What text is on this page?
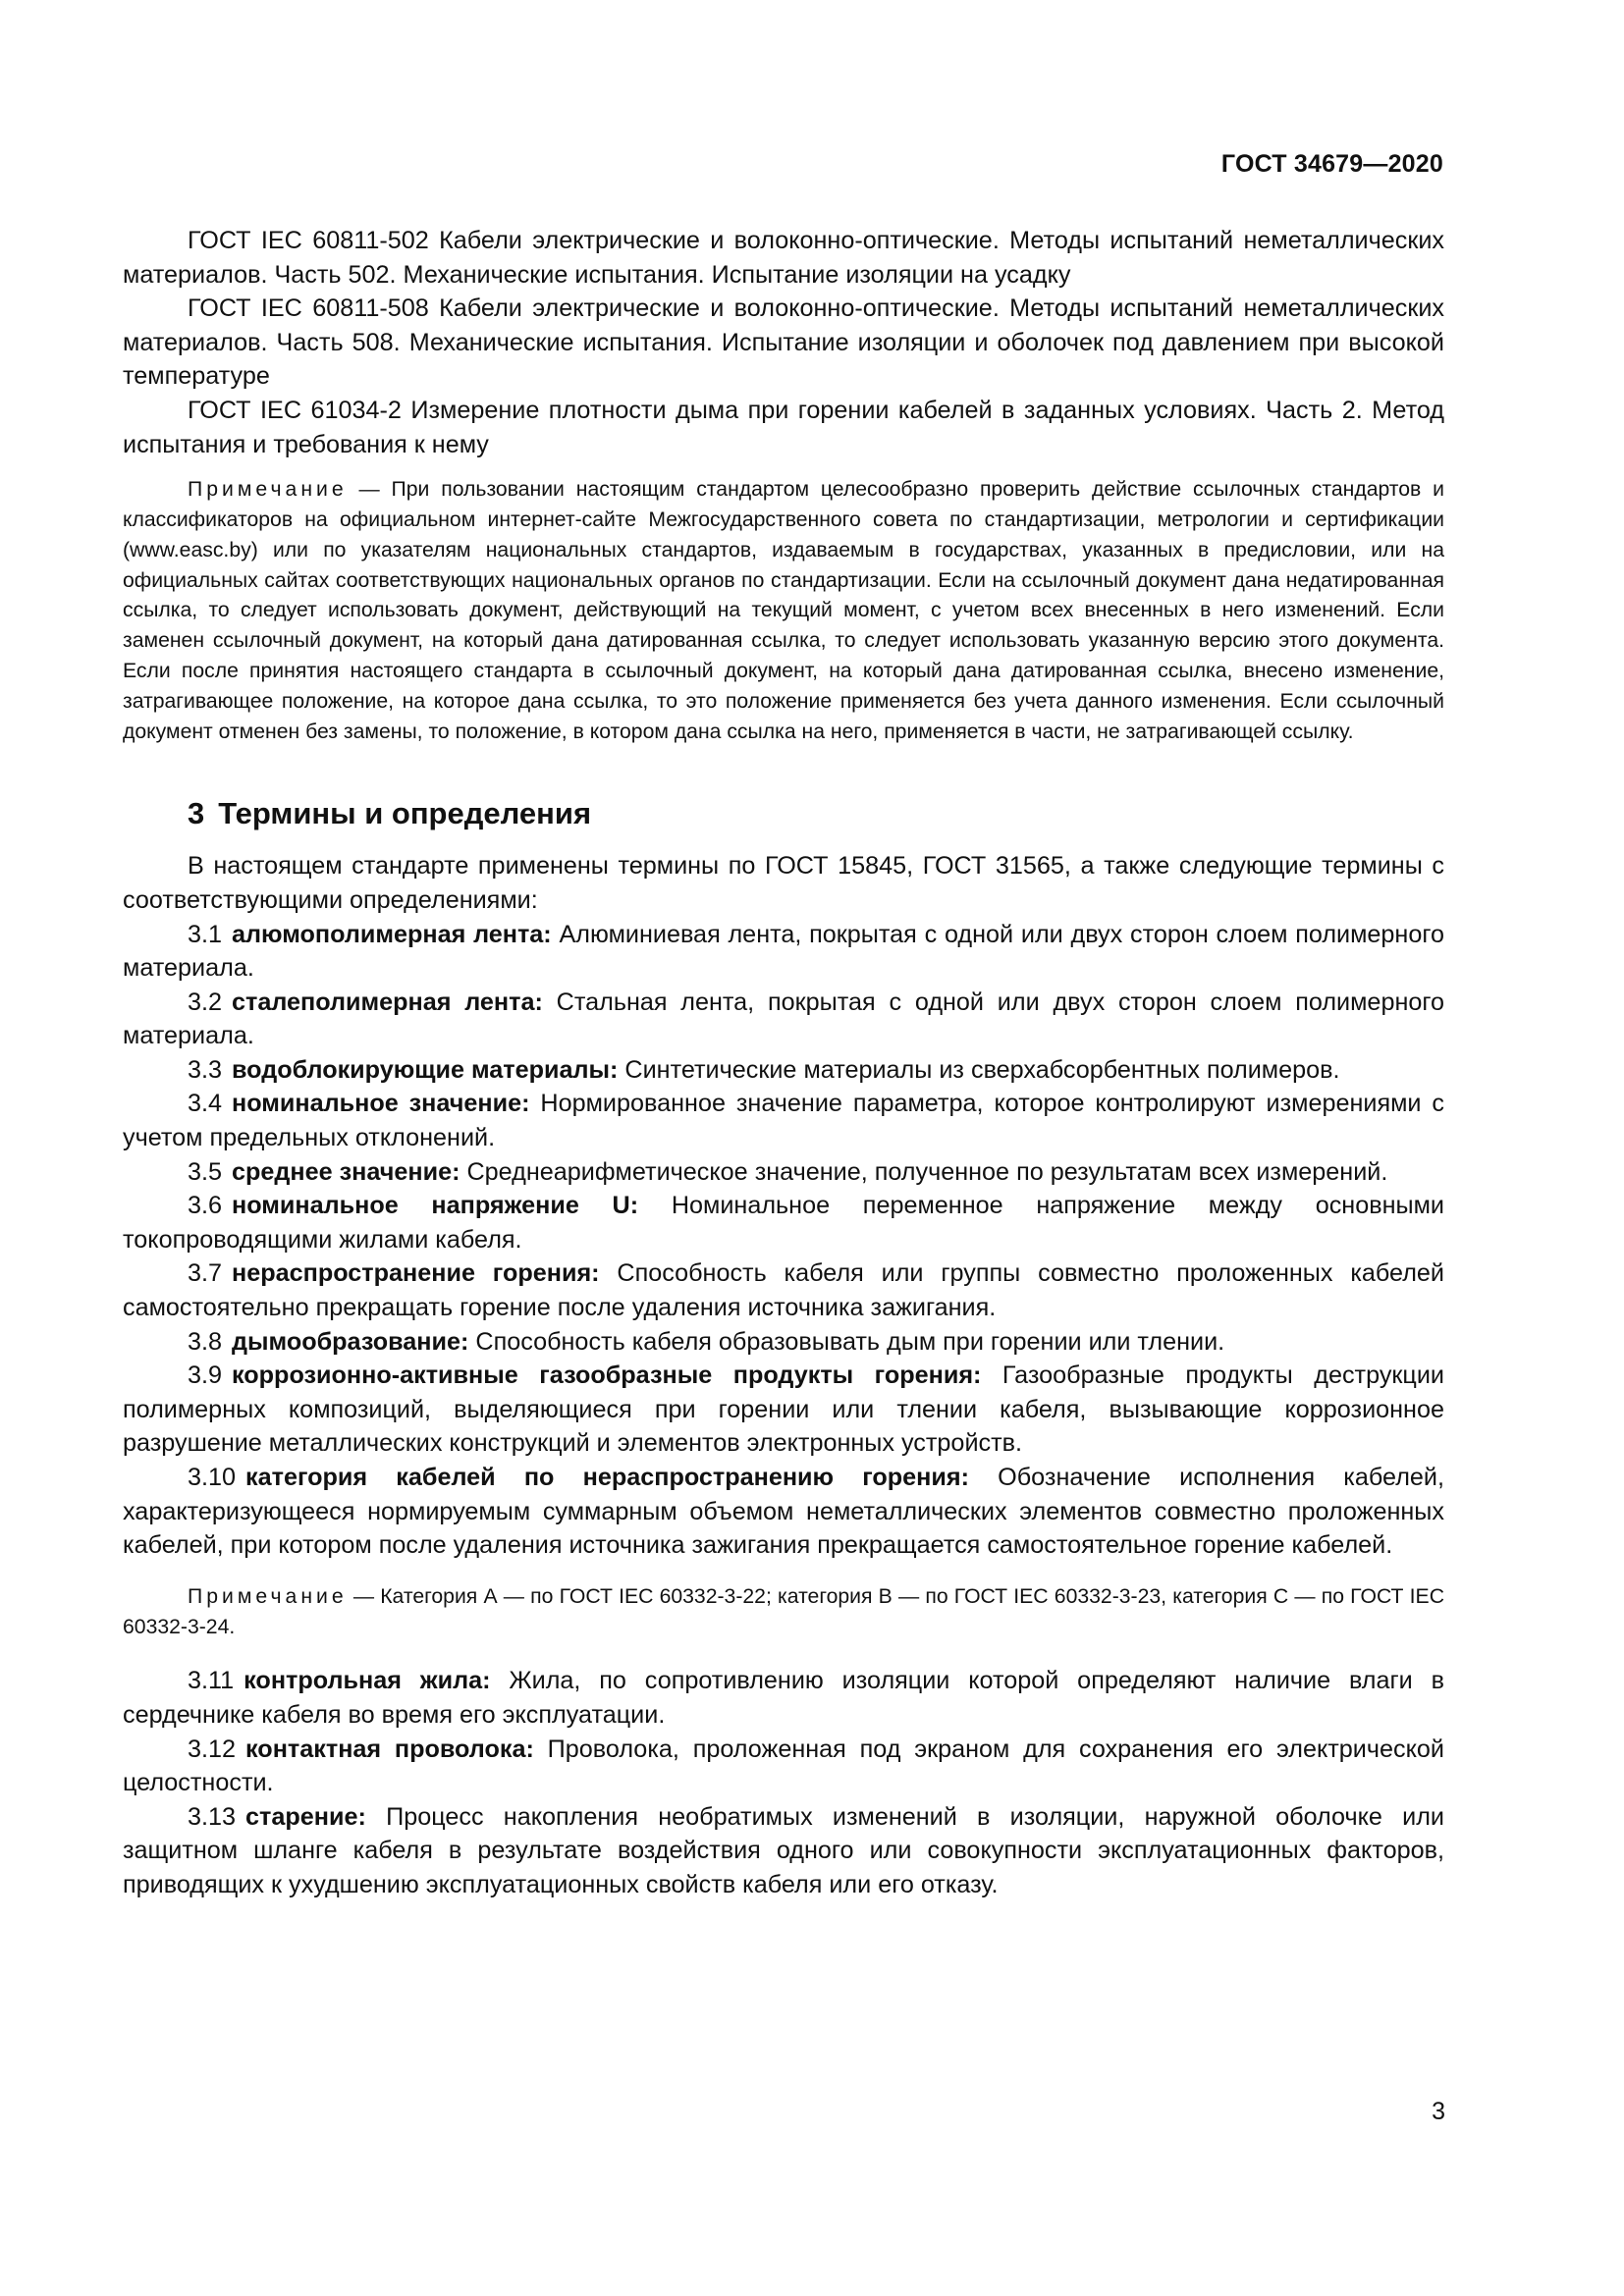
ГОСТ 34679—2020

ГОСТ IEC 60811-502 Кабели электрические и волоконно-оптические. Методы испытаний неметаллических материалов. Часть 502. Механические испытания. Испытание изоляции на усадку

ГОСТ IEC 60811-508 Кабели электрические и волоконно-оптические. Методы испытаний неметаллических материалов. Часть 508. Механические испытания. Испытание изоляции и оболочек под давлением при высокой температуре

ГОСТ IEC 61034-2 Измерение плотности дыма при горении кабелей в заданных условиях. Часть 2. Метод испытания и требования к нему

Примечание — При пользовании настоящим стандартом целесообразно проверить действие ссылочных стандартов и классификаторов на официальном интернет-сайте Межгосударственного совета по стандартизации, метрологии и сертификации (www.easc.by) или по указателям национальных стандартов, издаваемым в государствах, указанных в предисловии, или на официальных сайтах соответствующих национальных органов по стандартизации. Если на ссылочный документ дана недатированная ссылка, то следует использовать документ, действующий на текущий момент, с учетом всех внесенных в него изменений. Если заменен ссылочный документ, на который дана датированная ссылка, то следует использовать указанную версию этого документа. Если после принятия настоящего стандарта в ссылочный документ, на который дана датированная ссылка, внесено изменение, затрагивающее положение, на которое дана ссылка, то это положение применяется без учета данного изменения. Если ссылочный документ отменен без замены, то положение, в котором дана ссылка на него, применяется в части, не затрагивающей ссылку.

3 Термины и определения

В настоящем стандарте применены термины по ГОСТ 15845, ГОСТ 31565, а также следующие термины с соответствующими определениями:

3.1 алюмополимерная лента: Алюминиевая лента, покрытая с одной или двух сторон слоем полимерного материала.

3.2 сталеполимерная лента: Стальная лента, покрытая с одной или двух сторон слоем полимерного материала.

3.3 водоблокирующие материалы: Синтетические материалы из сверхабсорбентных полимеров.

3.4 номинальное значение: Нормированное значение параметра, которое контролируют измерениями с учетом предельных отклонений.

3.5 среднее значение: Среднеарифметическое значение, полученное по результатам всех измерений.

3.6 номинальное напряжение U: Номинальное переменное напряжение между основными токопроводящими жилами кабеля.

3.7 нераспространение горения: Способность кабеля или группы совместно проложенных кабелей самостоятельно прекращать горение после удаления источника зажигания.

3.8 дымообразование: Способность кабеля образовывать дым при горении или тлении.

3.9 коррозионно-активные газообразные продукты горения: Газообразные продукты деструкции полимерных композиций, выделяющиеся при горении или тлении кабеля, вызывающие коррозионное разрушение металлических конструкций и элементов электронных устройств.

3.10 категория кабелей по нераспространению горения: Обозначение исполнения кабелей, характеризующееся нормируемым суммарным объемом неметаллических элементов совместно проложенных кабелей, при котором после удаления источника зажигания прекращается самостоятельное горение кабелей.

Примечание — Категория А — по ГОСТ IEC 60332-3-22; категория В — по ГОСТ IEC 60332-3-23, категория С — по ГОСТ IEC 60332-3-24.

3.11 контрольная жила: Жила, по сопротивлению изоляции которой определяют наличие влаги в сердечнике кабеля во время его эксплуатации.

3.12 контактная проволока: Проволока, проложенная под экраном для сохранения его электрической целостности.

3.13 старение: Процесс накопления необратимых изменений в изоляции, наружной оболочке или защитном шланге кабеля в результате воздействия одного или совокупности эксплуатационных факторов, приводящих к ухудшению эксплуатационных свойств кабеля или его отказу.

3
